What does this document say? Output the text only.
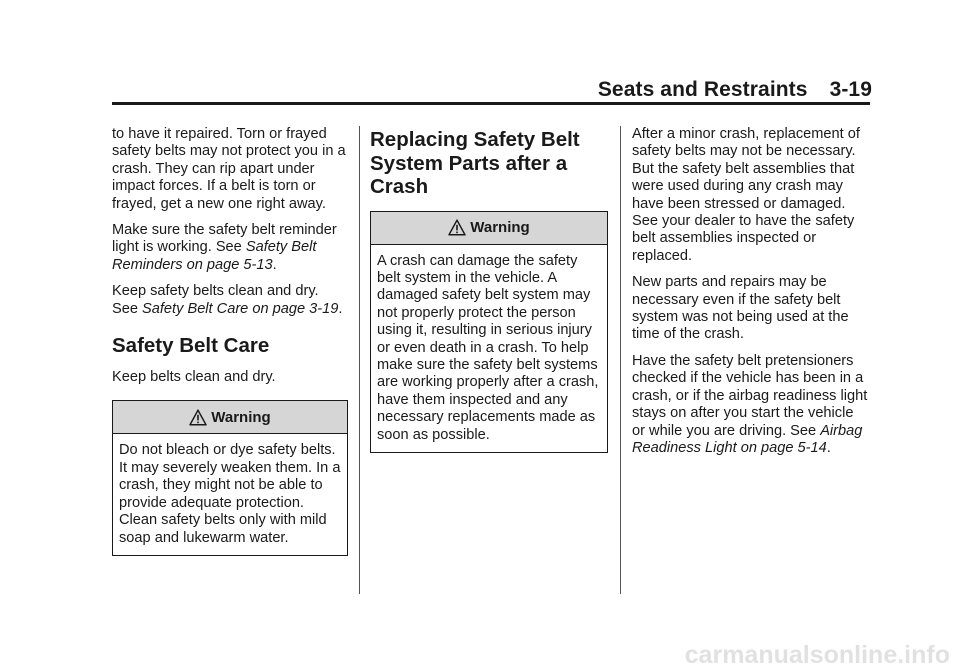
Seats and Restraints 3-19

to have it repaired. Torn or frayed safety belts may not protect you in a crash. They can rip apart under impact forces. If a belt is torn or frayed, get a new one right away.

Make sure the safety belt reminder light is working. See Safety Belt Reminders on page 5‑13.

Keep safety belts clean and dry. See Safety Belt Care on page 3‑19.

Safety Belt Care

Keep belts clean and dry.

Warning

Do not bleach or dye safety belts. It may severely weaken them. In a crash, they might not be able to provide adequate protection. Clean safety belts only with mild soap and lukewarm water.

Replacing Safety Belt System Parts after a Crash
Warning

A crash can damage the safety belt system in the vehicle. A damaged safety belt system may not properly protect the person using it, resulting in serious injury or even death in a crash. To help make sure the safety belt systems are working properly after a crash, have them inspected and any necessary replacements made as soon as possible.

After a minor crash, replacement of safety belts may not be necessary. But the safety belt assemblies that were used during any crash may have been stressed or damaged. See your dealer to have the safety belt assemblies inspected or replaced.

New parts and repairs may be necessary even if the safety belt system was not being used at the time of the crash.

Have the safety belt pretensioners checked if the vehicle has been in a crash, or if the airbag readiness light stays on after you start the vehicle or while you are driving. See Airbag Readiness Light on page 5‑14.

carmanualsonline.info
